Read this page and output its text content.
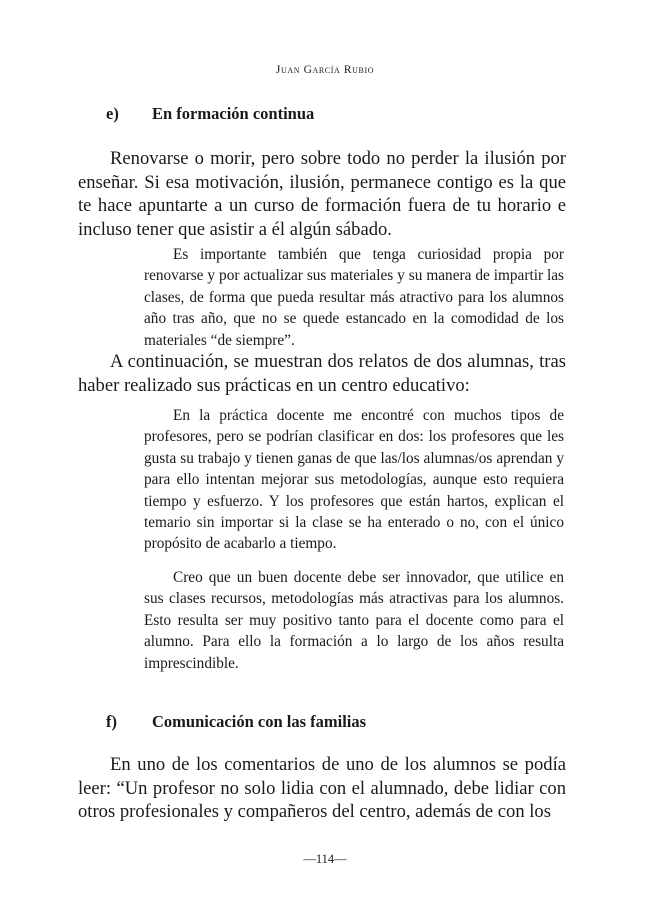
Juan García Rubio
e) En formación continua

Renovarse o morir, pero sobre todo no perder la ilusión por enseñar. Si esa motivación, ilusión, permanece contigo es la que te hace apuntarte a un curso de formación fuera de tu horario e incluso tener que asistir a él algún sábado.

Es importante también que tenga curiosidad propia por renovarse y por actualizar sus materiales y su manera de impartir las clases, de forma que pueda resultar más atractivo para los alumnos año tras año, que no se quede estancado en la comodidad de los materiales “de siempre”.

A continuación, se muestran dos relatos de dos alumnas, tras haber realizado sus prácticas en un centro educativo:

En la práctica docente me encontré con muchos tipos de profesores, pero se podrían clasificar en dos: los profesores que les gusta su trabajo y tienen ganas de que las/los alumnas/os aprendan y para ello intentan mejorar sus metodologías, aunque esto requiera tiempo y esfuerzo. Y los profesores que están hartos, explican el temario sin importar si la clase se ha enterado o no, con el único propósito de acabarlo a tiempo.

Creo que un buen docente debe ser innovador, que utilice en sus clases recursos, metodologías más atractivas para los alumnos. Esto resulta ser muy positivo tanto para el docente como para el alumno. Para ello la formación a lo largo de los años resulta imprescindible.

f) Comunicación con las familias

En uno de los comentarios de uno de los alumnos se podía leer: “Un profesor no solo lidia con el alumnado, debe lidiar con otros profesionales y compañeros del centro, además de con los

—114—
